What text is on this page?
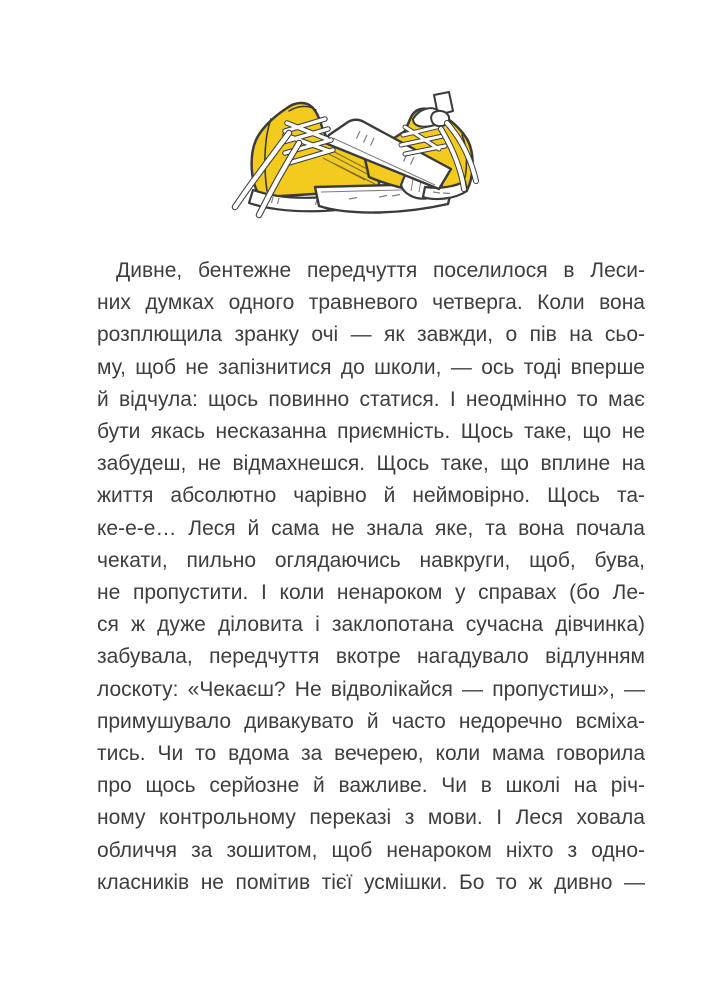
Дивне, бентежне передчуття поселилося в Леси-

них думках одного травневого четверга. Коли вона

розплющила зранку очі — як завжди, о пів на сьо-

му, щоб не запізнитися до школи, — ось тоді вперше

й відчула: щось повинно статися. І неодмінно то має

бути якась несказанна приємність. Щось таке, що не

забудеш, не відмахнешся. Щось таке, що вплине на

життя абсолютно чарівно й неймовірно. Щось та-

ке-е-е… Леся й сама не знала яке, та вона почала

чекати, пильно оглядаючись навкруги, щоб, бува,

не пропустити. І коли ненароком у справах (бо Ле-

ся ж дуже діловита і заклопотана сучасна дівчинка)

забувала, передчуття вкотре нагадувало відлунням

лоскоту: «Чекаєш? Не відволікайся — пропустиш», —

примушувало дивакувато й часто недоречно всміха-

тись. Чи то вдома за вечерею, коли мама говорила

про щось серйозне й важливе. Чи в школі на річ-

ному контрольному переказі з мови. І Леся ховала

обличчя за зошитом, щоб ненароком ніхто з одно-

класників не помітив тієї усмішки. Бо то ж дивно —
